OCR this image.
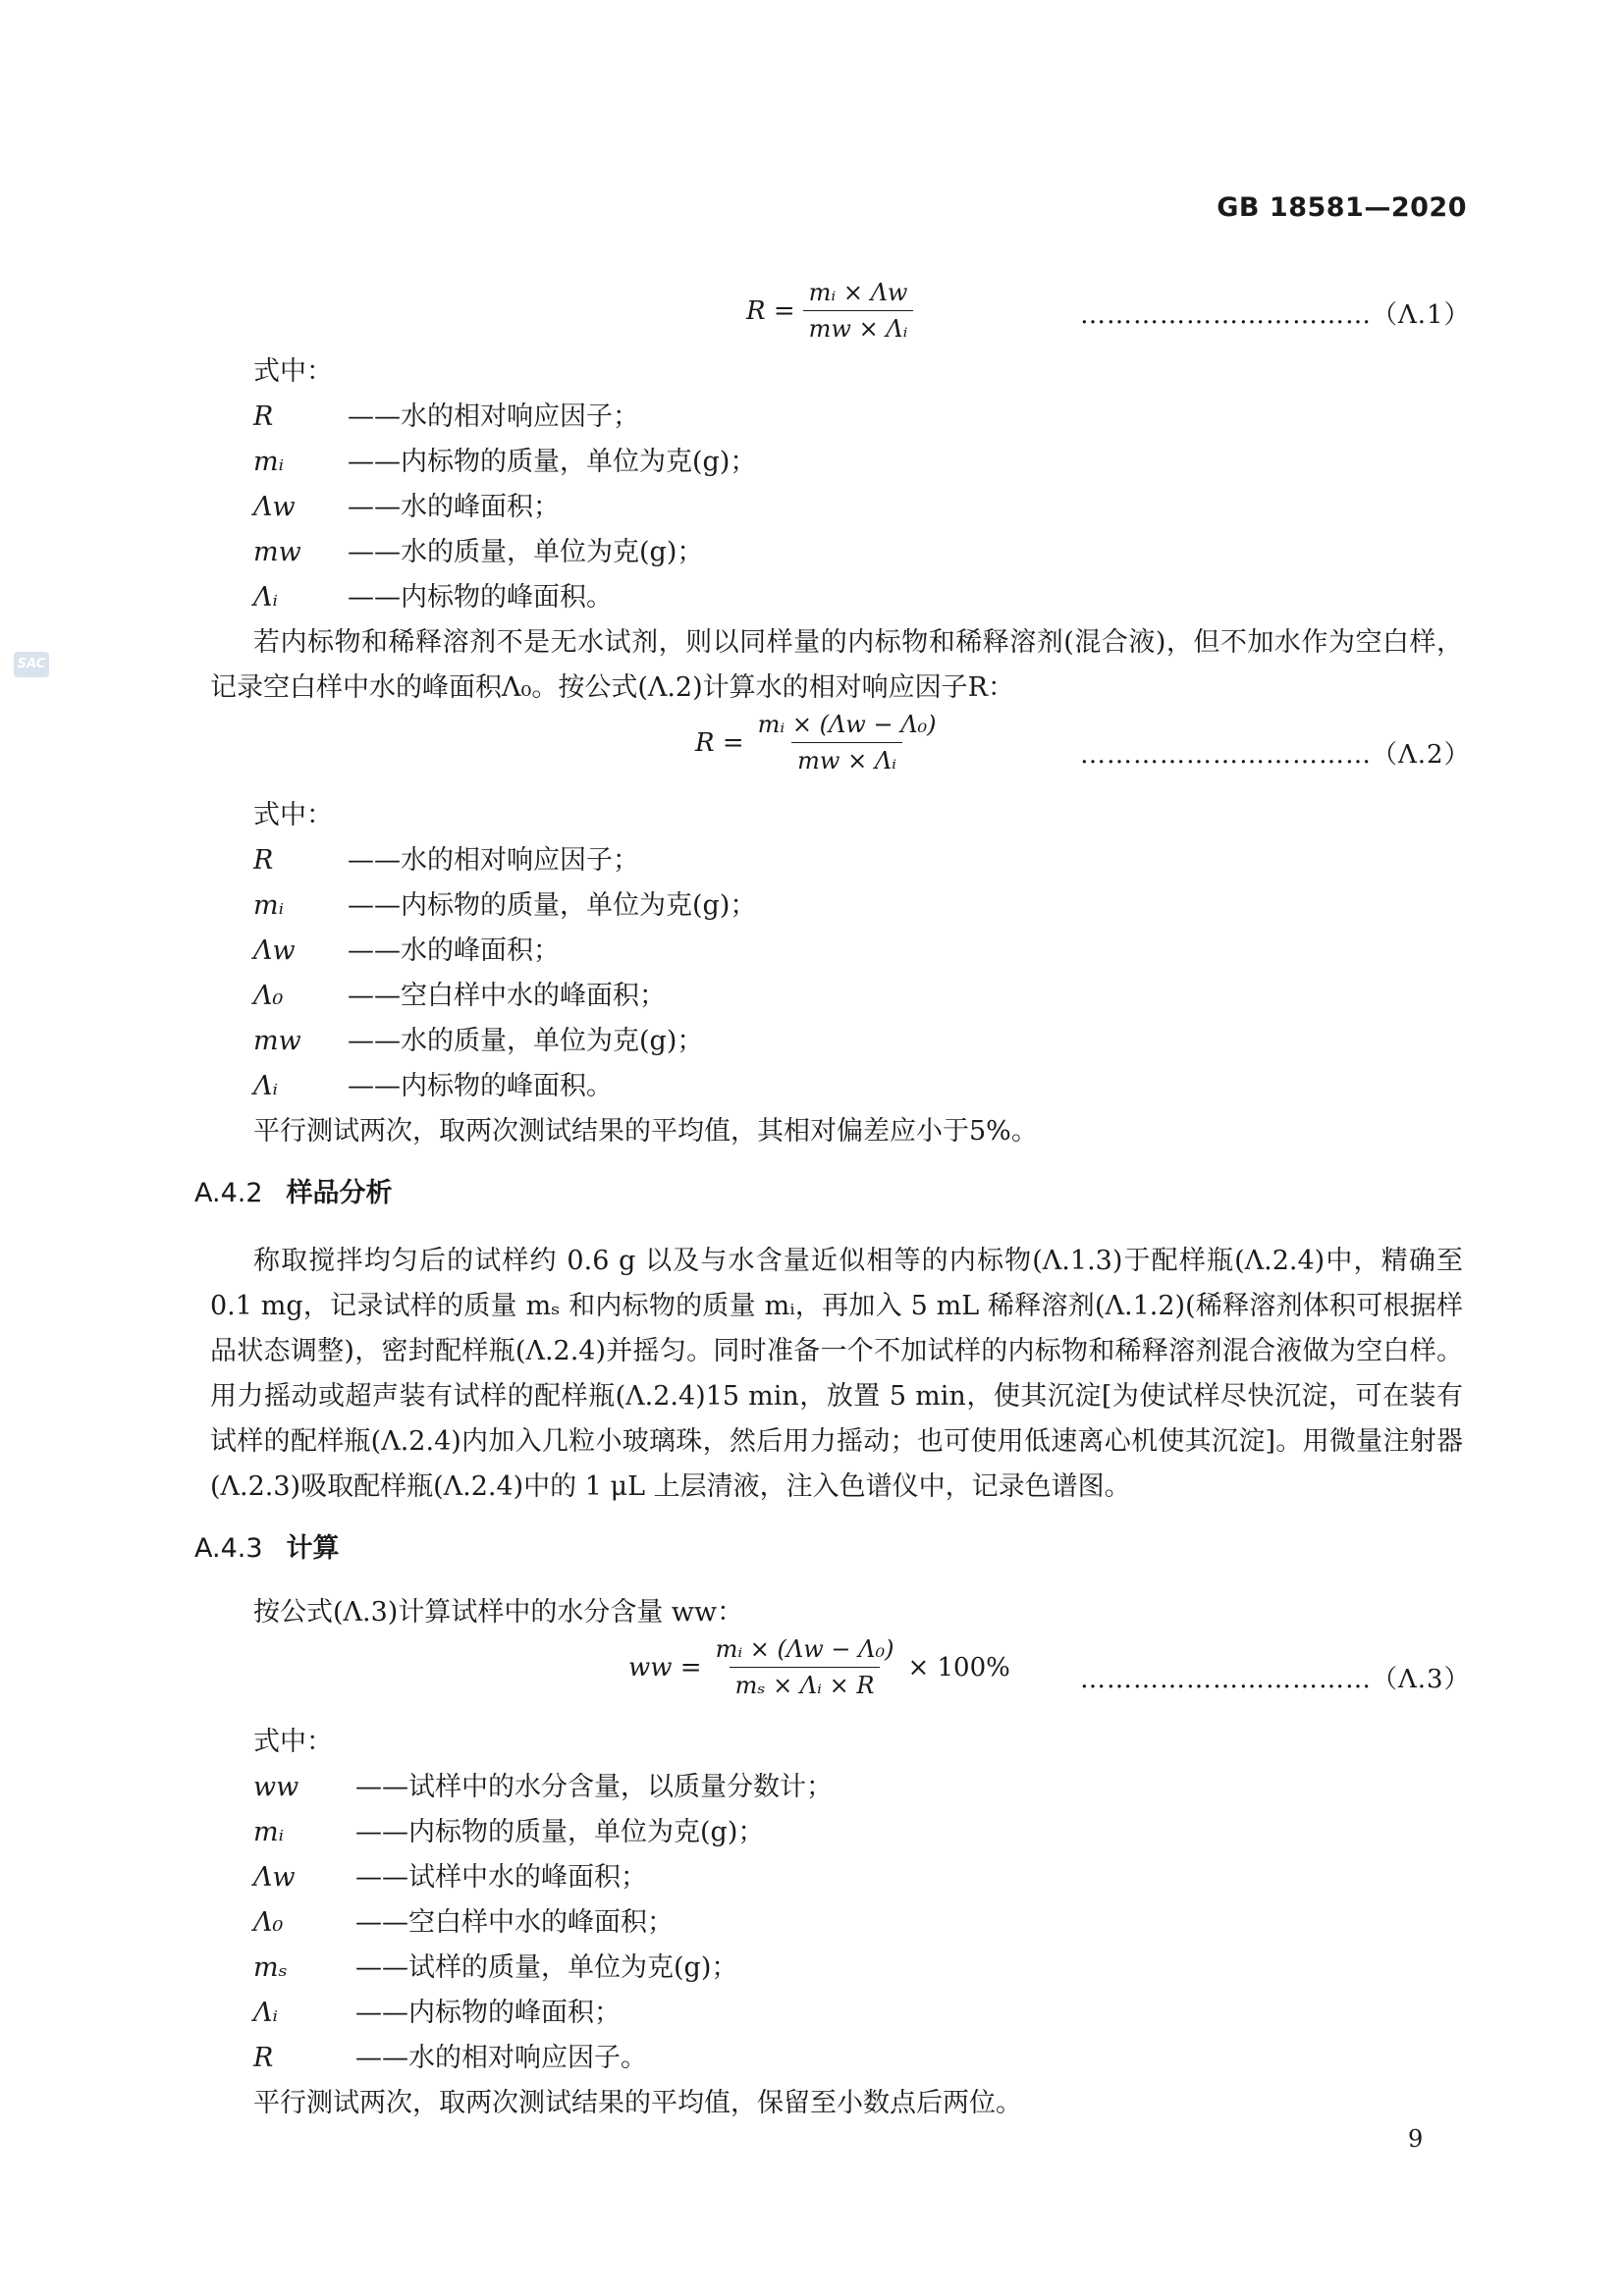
GB 18581—2020
SAC
$R = \frac{\text{mᵢ × Λw}}{\text{mw × Λᵢ}}$	……………………………（Λ.1）
式中：
R	——水的相对响应因子；
mᵢ ——内标物的质量，单位为克(g)；
Λw ——水的峰面积；
mw ——水的质量，单位为克(g)；
Λᵢ	——内标物的峰面积。

若内标物和稀释溶剂不是无水试剂，则以同样量的内标物和稀释溶剂(混合液)，但不加水作为空白样，记录空白样中水的峰面积Λ₀。按公式(Λ.2)计算水的相对响应因子R：

$R = \frac{\text{mᵢ × (Λw − Λ₀)}}{\text{mw × Λᵢ}}$	……………………………（Λ.2）
式中：
R	——水的相对响应因子；
mᵢ ——内标物的质量，单位为克(g)；
Λw ——水的峰面积；
Λ₀ ——空白样中水的峰面积；
mw ——水的质量，单位为克(g)；
Λᵢ	——内标物的峰面积。

平行测试两次，取两次测试结果的平均值，其相对偏差应小于5%。

A.4.2 样品分析

称取搅拌均匀后的试样约 0.6 g 以及与水含量近似相等的内标物(Λ.1.3)于配样瓶(Λ.2.4)中，精确至 0.1 mg，记录试样的质量 mₛ 和内标物的质量 mᵢ，再加入 5 mL 稀释溶剂(Λ.1.2)(稀释溶剂体积可根据样品状态调整)，密封配样瓶(Λ.2.4)并摇匀。同时准备一个不加试样的内标物和稀释溶剂混合液做为空白样。用力摇动或超声装有试样的配样瓶(Λ.2.4)15 min，放置 5 min，使其沉淀[为使试样尽快沉淀，可在装有试样的配样瓶(Λ.2.4)内加入几粒小玻璃珠，然后用力摇动；也可使用低速离心机使其沉淀]。用微量注射器(Λ.2.3)吸取配样瓶(Λ.2.4)中的 1 μL 上层清液，注入色谱仪中，记录色谱图。

A.4.3 计算

按公式(Λ.3)计算试样中的水分含量 ww：

ww = $\frac{\text{mᵢ × (Λw − Λ₀)}}{\text{mₛ × Λᵢ × R}} \times 100\%$	……………………………（Λ.3）
式中：
ww ——试样中的水分含量，以质量分数计；
mᵢ	——内标物的质量，单位为克(g)；
Λw ——试样中水的峰面积；
Λ₀	——空白样中水的峰面积；
mₛ	——试样的质量，单位为克(g)；
Λᵢ	——内标物的峰面积；
R	——水的相对响应因子。

平行测试两次，取两次测试结果的平均值，保留至小数点后两位。

9
